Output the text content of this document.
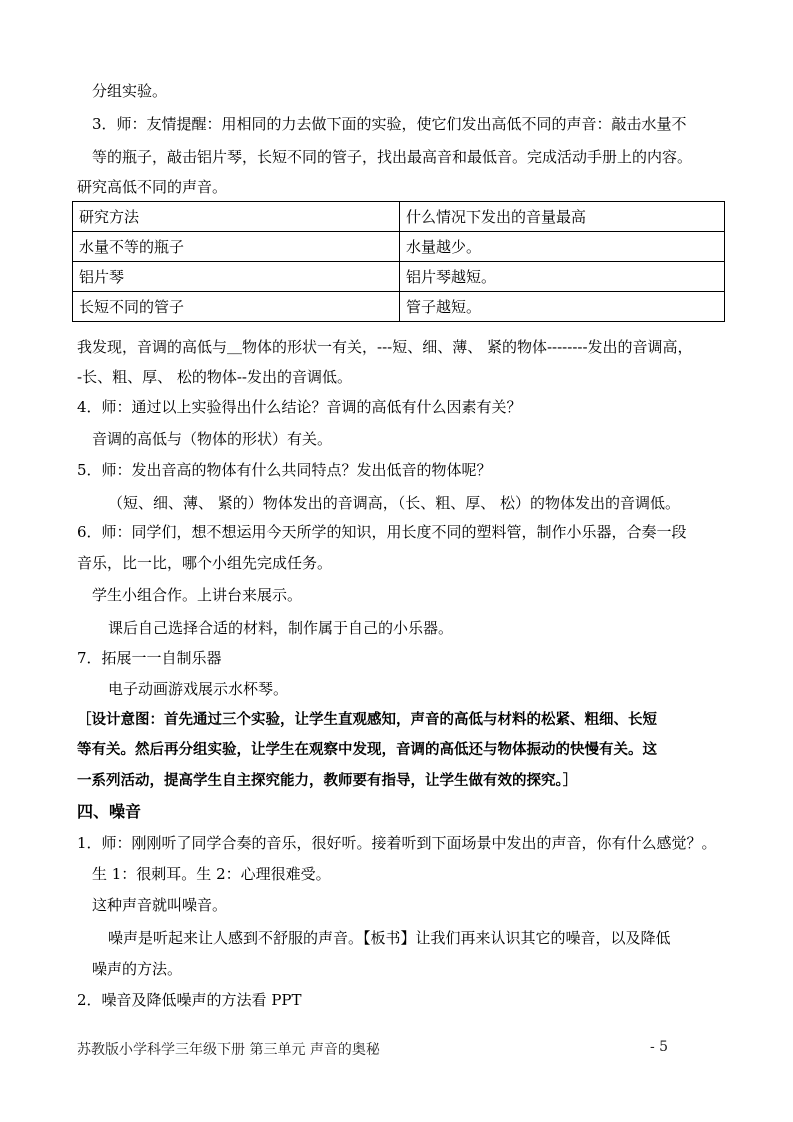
分组实验。
3．师：友情提醒：用相同的力去做下面的实验，使它们发出高低不同的声音：敲击水量不
等的瓶子，敲击铝片琴，长短不同的管子，找出最高音和最低音。完成活动手册上的内容。
研究高低不同的声音。
研究方法	什么情况下发出的音量最高
水量不等的瓶子	水量越少。
铝片琴	铝片琴越短。
长短不同的管子	管子越短。
我发现，音调的高低与＿物体的形状一有关，---短、细、薄、 紧的物体--------发出的音调高，
-长、粗、厚、 松的物体--发出的音调低。
4．师：通过以上实验得出什么结论？音调的高低有什么因素有关？
音调的高低与（物体的形状）有关。
5．师：发出音高的物体有什么共同特点？发出低音的物体呢？
（短、细、薄、 紧的）物体发出的音调高，（长、粗、厚、 松）的物体发出的音调低。
6．师：同学们，想不想运用今天所学的知识，用长度不同的塑料管，制作小乐器，合奏一段
音乐，比一比，哪个小组先完成任务。
学生小组合作。上讲台来展示。
课后自己选择合适的材料，制作属于自己的小乐器。
7．拓展一一自制乐器
电子动画游戏展示水杯琴。
［设计意图：首先通过三个实验，让学生直观感知，声音的高低与材料的松紧、粗细、长短
等有关。然后再分组实验，让学生在观察中发现，音调的高低还与物体振动的快慢有关。这
一系列活动，提高学生自主探究能力，教师要有指导，让学生做有效的探究。］
四、噪音
1．师：刚刚听了同学合奏的音乐，很好听。接着听到下面场景中发出的声音，你有什么感觉？。
生 1：很刺耳。生 2：心理很难受。
这种声音就叫噪音。
噪声是听起来让人感到不舒服的声音。【板书】让我们再来认识其它的噪音，以及降低
噪声的方法。
2．噪音及降低噪声的方法看 PPT
苏教版小学科学三年级下册 第三单元 声音的奥秘	- 5
